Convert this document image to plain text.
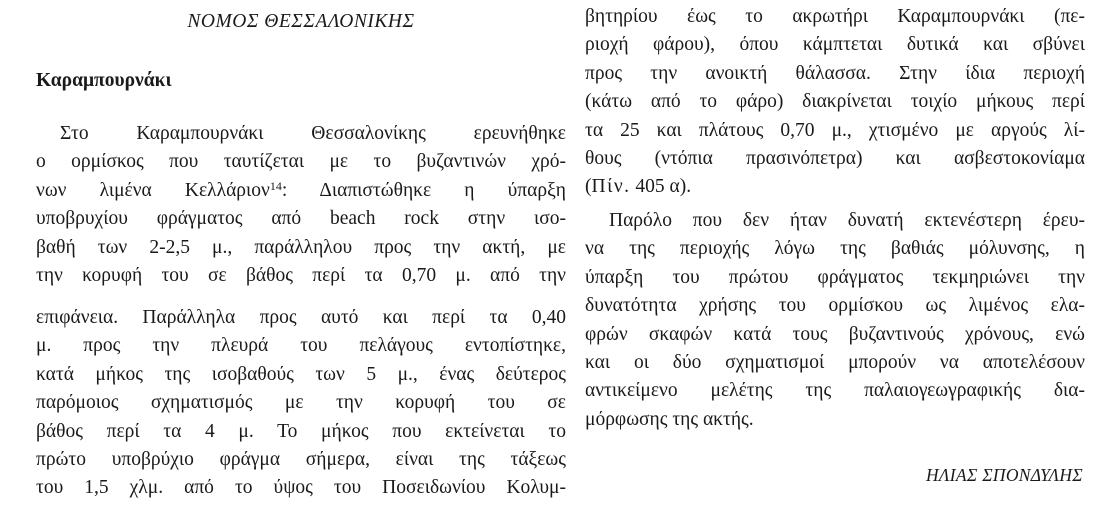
ΝΟΜΟΣ ΘΕΣΣΑΛΟΝΙΚΗΣ
Καραμπουρνάκι
Στο Καραμπουρνάκι Θεσσαλονίκης ερευνήθηκε
ο ορμίσκος που ταυτίζεται με το βυζαντινών χρό-
νων λιμένα Κελλάριον$^{14}$: Διαπιστώθηκε η ύπαρξη
υποβρυχίου φράγματος από beach rock στην ισο-
βαθή των 2-2,5 μ., παράλληλου προς την ακτή, με
την κορυφή του σε βάθος περί τα 0,70 μ. από την
επιφάνεια. Παράλληλα προς αυτό και περί τα 0,40
μ. προς την πλευρά του πελάγους εντοπίστηκε,
κατά μήκος της ισοβαθούς των 5 μ., ένας δεύτερος
παρόμοιος σχηματισμός με την κορυφή του σε
βάθος περί τα 4 μ. Το μήκος που εκτείνεται το
πρώτο υποβρύχιο φράγμα σήμερα, είναι της τάξεως
του 1,5 χλμ. από το ύψος του Ποσειδωνίου Κολυμ-
βητηρίου έως το ακρωτήρι Καραμπουρνάκι (πε-
ριοχή φάρου), όπου κάμπτεται δυτικά και σβύνει
προς την ανοικτή θάλασσα. Στην ίδια περιοχή
(κάτω από το φάρο) διακρίνεται τοιχίο μήκους περί
τα 25 και πλάτους 0,70 μ., χτισμένο με αργούς λί-
θους (ντόπια πρασινόπετρα) και ασβεστοκονίαμα
(Πίν. 405 α).
Παρόλο που δεν ήταν δυνατή εκτενέστερη έρευ-
να της περιοχής λόγω της βαθιάς μόλυνσης, η
ύπαρξη του πρώτου φράγματος τεκμηριώνει την
δυνατότητα χρήσης του ορμίσκου ως λιμένος ελα-
φρών σκαφών κατά τους βυζαντινούς χρόνους, ενώ
και οι δύο σχηματισμοί μπορούν να αποτελέσουν
αντικείμενο μελέτης της παλαιογεωγραφικής δια-
μόρφωσης της ακτής.
ΗΛΙΑΣ ΣΠΟΝΔΥΛΗΣ
